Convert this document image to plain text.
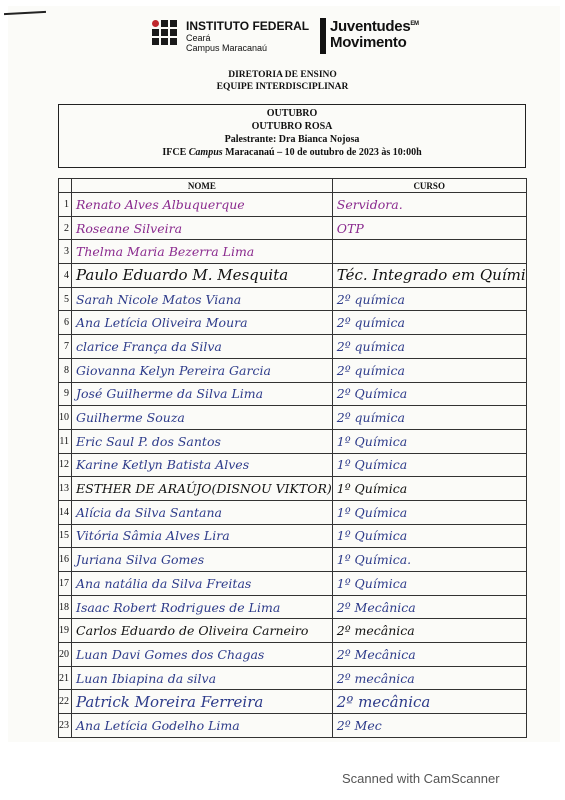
INSTITUTO FEDERAL
Ceará
Campus Maracanaú
Juventudes$^{EM}$
Movimento
DIRETORIA DE ENSINO
EQUIPE INTERDISCIPLINAR
OUTUBRO
OUTUBRO ROSA
Palestrante: Dra Bianca Nojosa
IFCE Campus Maracanaú – 10 de outubro de 2023 às 10:00h
	NOME	CURSO
1	Renato Alves Albuquerque	Servidora.
2	Roseane Silveira	OTP
3	Thelma Maria Bezerra Lima	
4	Paulo Eduardo M. Mesquita	Téc. Integrado em Quími
5	Sarah Nicole Matos Viana	2º química
6	Ana Letícia Oliveira Moura	2º química
7	clarice França da Silva	2º química
8	Giovanna Kelyn Pereira Garcia	2º química
9	José Guilherme da Silva Lima	2º Química
10	Guilherme Souza	2º química
11	Eric Saul P. dos Santos	1º Química
12	Karine Ketlyn Batista Alves	1º Química
13	ESTHER DE ARAÚJO(DISNOU VIKTOR)	1º Química
14	Alícia da Silva Santana	1º Química
15	Vitória Sâmia Alves Lira	1º Química
16	Juriana Silva Gomes	1º Química.
17	Ana natália da Silva Freitas	1º Química
18	Isaac Robert Rodrigues de Lima	2º Mecânica
19	Carlos Eduardo de Oliveira Carneiro	2º mecânica
20	Luan Davi Gomes dos Chagas	2º Mecânica
21	Luan Ibiapina da silva	2º mecânica
22	Patrick Moreira Ferreira	2º mecânica
23	Ana Letícia Godelho Lima	2º Mec
Scanned with CamScanner
